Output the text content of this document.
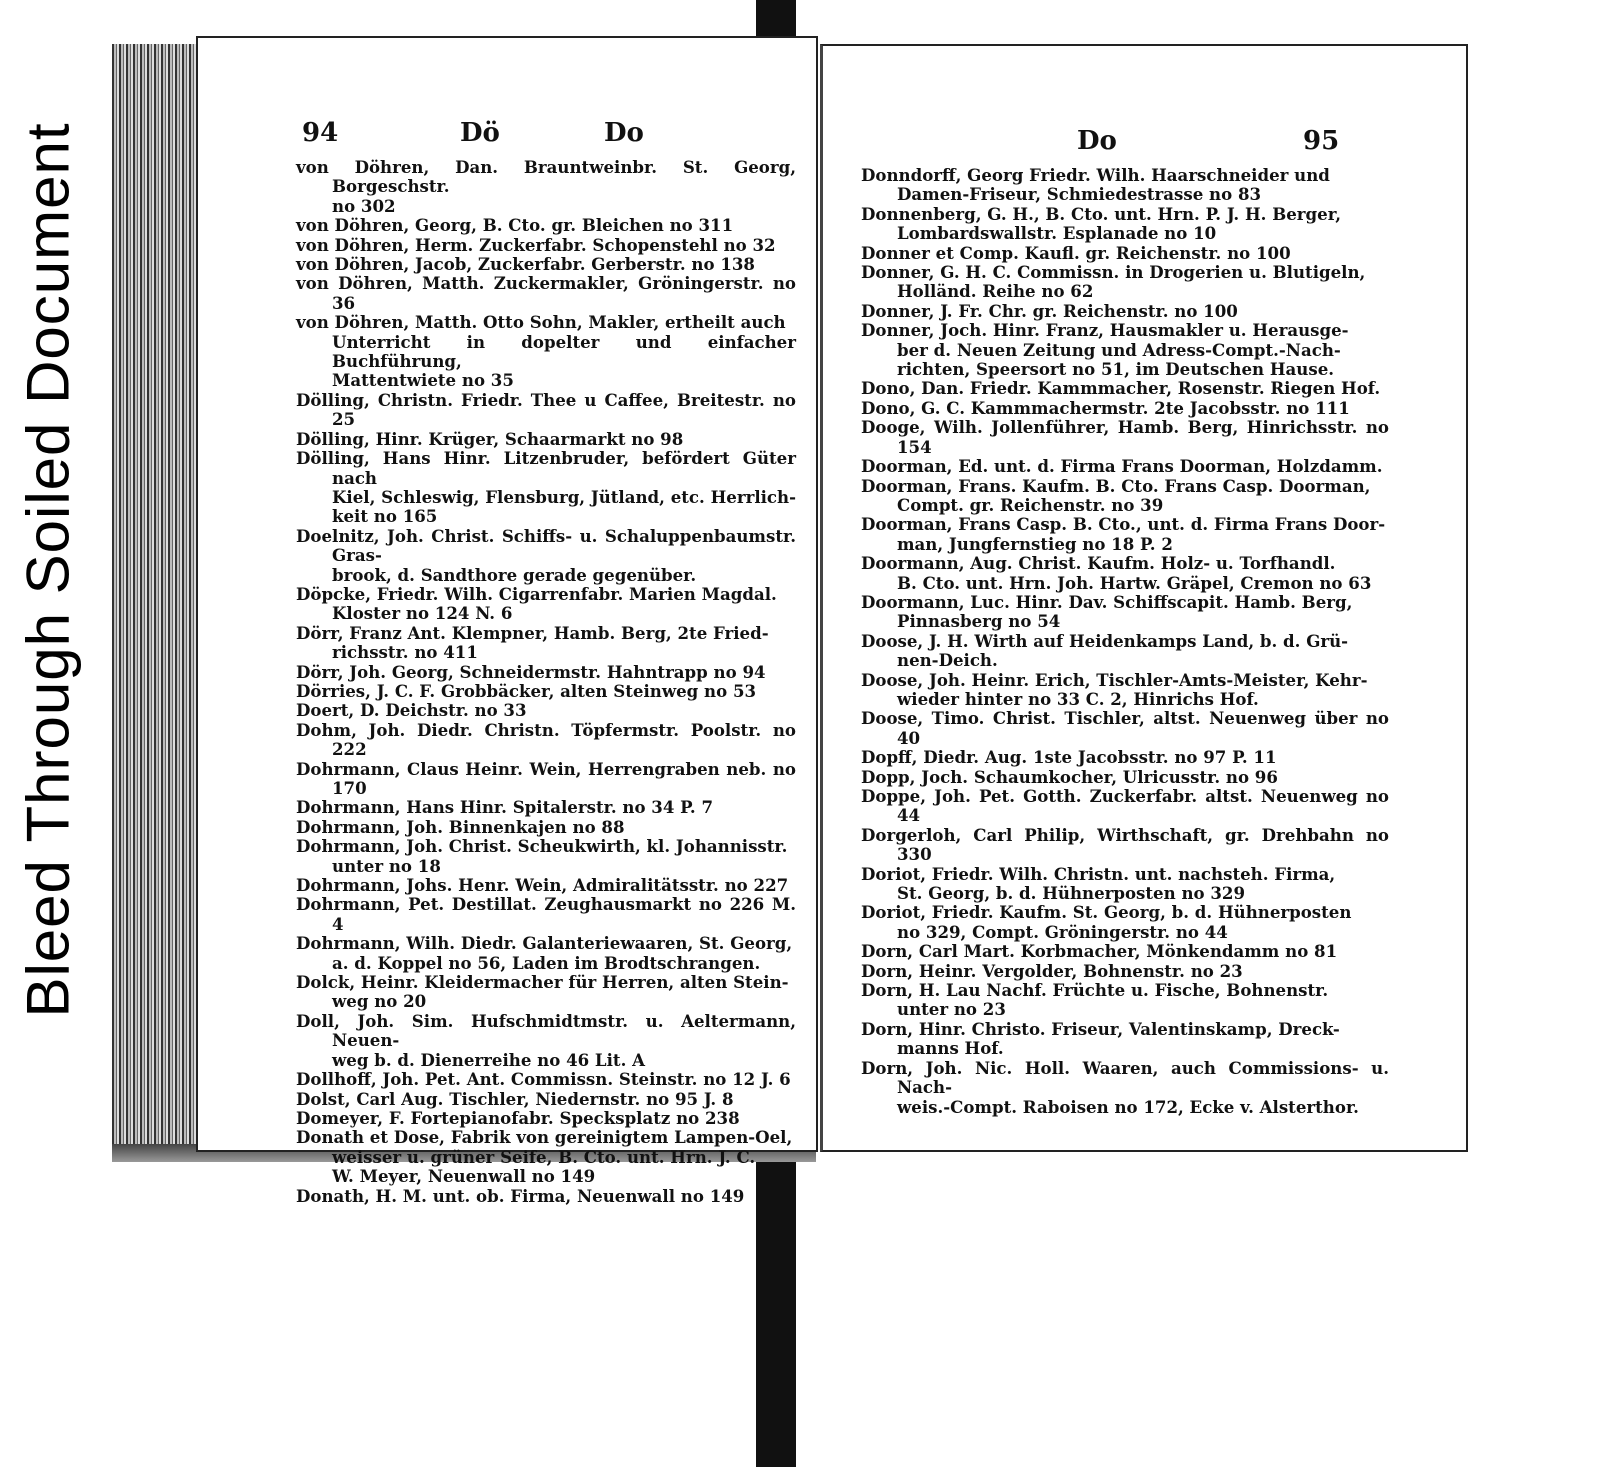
Bleed Through Soiled Document	94	Dö	Do
von Döhren, Dan. Brauntweinbr. St. Georg, Borgeschstr.
no 302
von Döhren, Georg, B. Cto. gr. Bleichen no 311
von Döhren, Herm. Zuckerfabr. Schopenstehl no 32
von Döhren, Jacob, Zuckerfabr. Gerberstr. no 138
von Döhren, Matth. Zuckermakler, Gröningerstr. no 36
von Döhren, Matth. Otto Sohn, Makler, ertheilt auch
Unterricht in dopelter und einfacher Buchführung,
Mattentwiete no 35
Dölling, Christn. Friedr. Thee u Caffee, Breitestr. no 25
Dölling, Hinr. Krüger, Schaarmarkt no 98
Dölling, Hans Hinr. Litzenbruder, befördert Güter nach
Kiel, Schleswig, Flensburg, Jütland, etc. Herrlich-
keit no 165
Doelnitz, Joh. Christ. Schiffs- u. Schaluppenbaumstr. Gras-
brook, d. Sandthore gerade gegenüber.
Döpcke, Friedr. Wilh. Cigarrenfabr. Marien Magdal.
Kloster no 124 N. 6
Dörr, Franz Ant. Klempner, Hamb. Berg, 2te Fried-
richsstr. no 411
Dörr, Joh. Georg, Schneidermstr. Hahntrapp no 94
Dörries, J. C. F. Grobbäcker, alten Steinweg no 53
Doert, D. Deichstr. no 33
Dohm, Joh. Diedr. Christn. Töpfermstr. Poolstr. no 222
Dohrmann, Claus Heinr. Wein, Herrengraben neb. no 170
Dohrmann, Hans Hinr. Spitalerstr. no 34 P. 7
Dohrmann, Joh. Binnenkajen no 88
Dohrmann, Joh. Christ. Scheukwirth, kl. Johannisstr.
unter no 18
Dohrmann, Johs. Henr. Wein, Admiralitätsstr. no 227
Dohrmann, Pet. Destillat. Zeughausmarkt no 226 M. 4
Dohrmann, Wilh. Diedr. Galanteriewaaren, St. Georg,
a. d. Koppel no 56, Laden im Brodtschrangen.
Dolck, Heinr. Kleidermacher für Herren, alten Stein-
weg no 20
Doll, Joh. Sim. Hufschmidtmstr. u. Aeltermann, Neuen-
weg b. d. Dienerreihe no 46 Lit. A
Dollhoff, Joh. Pet. Ant. Commissn. Steinstr. no 12 J. 6
Dolst, Carl Aug. Tischler, Niedernstr. no 95 J. 8
Domeyer, F. Fortepianofabr. Specksplatz no 238
Donath et Dose, Fabrik von gereinigtem Lampen-Oel,
weisser u. grüner Seife, B. Cto. unt. Hrn. J. C.
W. Meyer, Neuenwall no 149
Donath, H. M. unt. ob. Firma, Neuenwall no 149
Do	95
Donndorff, Georg Friedr. Wilh. Haarschneider und
Damen-Friseur, Schmiedestrasse no 83
Donnenberg, G. H., B. Cto. unt. Hrn. P. J. H. Berger,
Lombardswallstr. Esplanade no 10
Donner et Comp. Kaufl. gr. Reichenstr. no 100
Donner, G. H. C. Commissn. in Drogerien u. Blutigeln,
Holländ. Reihe no 62
Donner, J. Fr. Chr. gr. Reichenstr. no 100
Donner, Joch. Hinr. Franz, Hausmakler u. Herausge-
ber d. Neuen Zeitung und Adress-Compt.-Nach-
richten, Speersort no 51, im Deutschen Hause.
Dono, Dan. Friedr. Kammmacher, Rosenstr. Riegen Hof.
Dono, G. C. Kammmachermstr. 2te Jacobsstr. no 111
Dooge, Wilh. Jollenführer, Hamb. Berg, Hinrichsstr. no 154
Doorman, Ed. unt. d. Firma Frans Doorman, Holzdamm.
Doorman, Frans. Kaufm. B. Cto. Frans Casp. Doorman,
Compt. gr. Reichenstr. no 39
Doorman, Frans Casp. B. Cto., unt. d. Firma Frans Door-
man, Jungfernstieg no 18 P. 2
Doormann, Aug. Christ. Kaufm. Holz- u. Torfhandl.
B. Cto. unt. Hrn. Joh. Hartw. Gräpel, Cremon no 63
Doormann, Luc. Hinr. Dav. Schiffscapit. Hamb. Berg,
Pinnasberg no 54
Doose, J. H. Wirth auf Heidenkamps Land, b. d. Grü-
nen-Deich.
Doose, Joh. Heinr. Erich, Tischler-Amts-Meister, Kehr-
wieder hinter no 33 C. 2, Hinrichs Hof.
Doose, Timo. Christ. Tischler, altst. Neuenweg über no 40
Dopff, Diedr. Aug. 1ste Jacobsstr. no 97 P. 11
Dopp, Joch. Schaumkocher, Ulricusstr. no 96
Doppe, Joh. Pet. Gotth. Zuckerfabr. altst. Neuenweg no 44
Dorgerloh, Carl Philip, Wirthschaft, gr. Drehbahn no 330
Doriot, Friedr. Wilh. Christn. unt. nachsteh. Firma,
St. Georg, b. d. Hühnerposten no 329
Doriot, Friedr. Kaufm. St. Georg, b. d. Hühnerposten
no 329, Compt. Gröningerstr. no 44
Dorn, Carl Mart. Korbmacher, Mönkendamm no 81
Dorn, Heinr. Vergolder, Bohnenstr. no 23
Dorn, H. Lau Nachf. Früchte u. Fische, Bohnenstr.
unter no 23
Dorn, Hinr. Christo. Friseur, Valentinskamp, Dreck-
manns Hof.
Dorn, Joh. Nic. Holl. Waaren, auch Commissions- u. Nach-
weis.-Compt. Raboisen no 172, Ecke v. Alsterthor.
